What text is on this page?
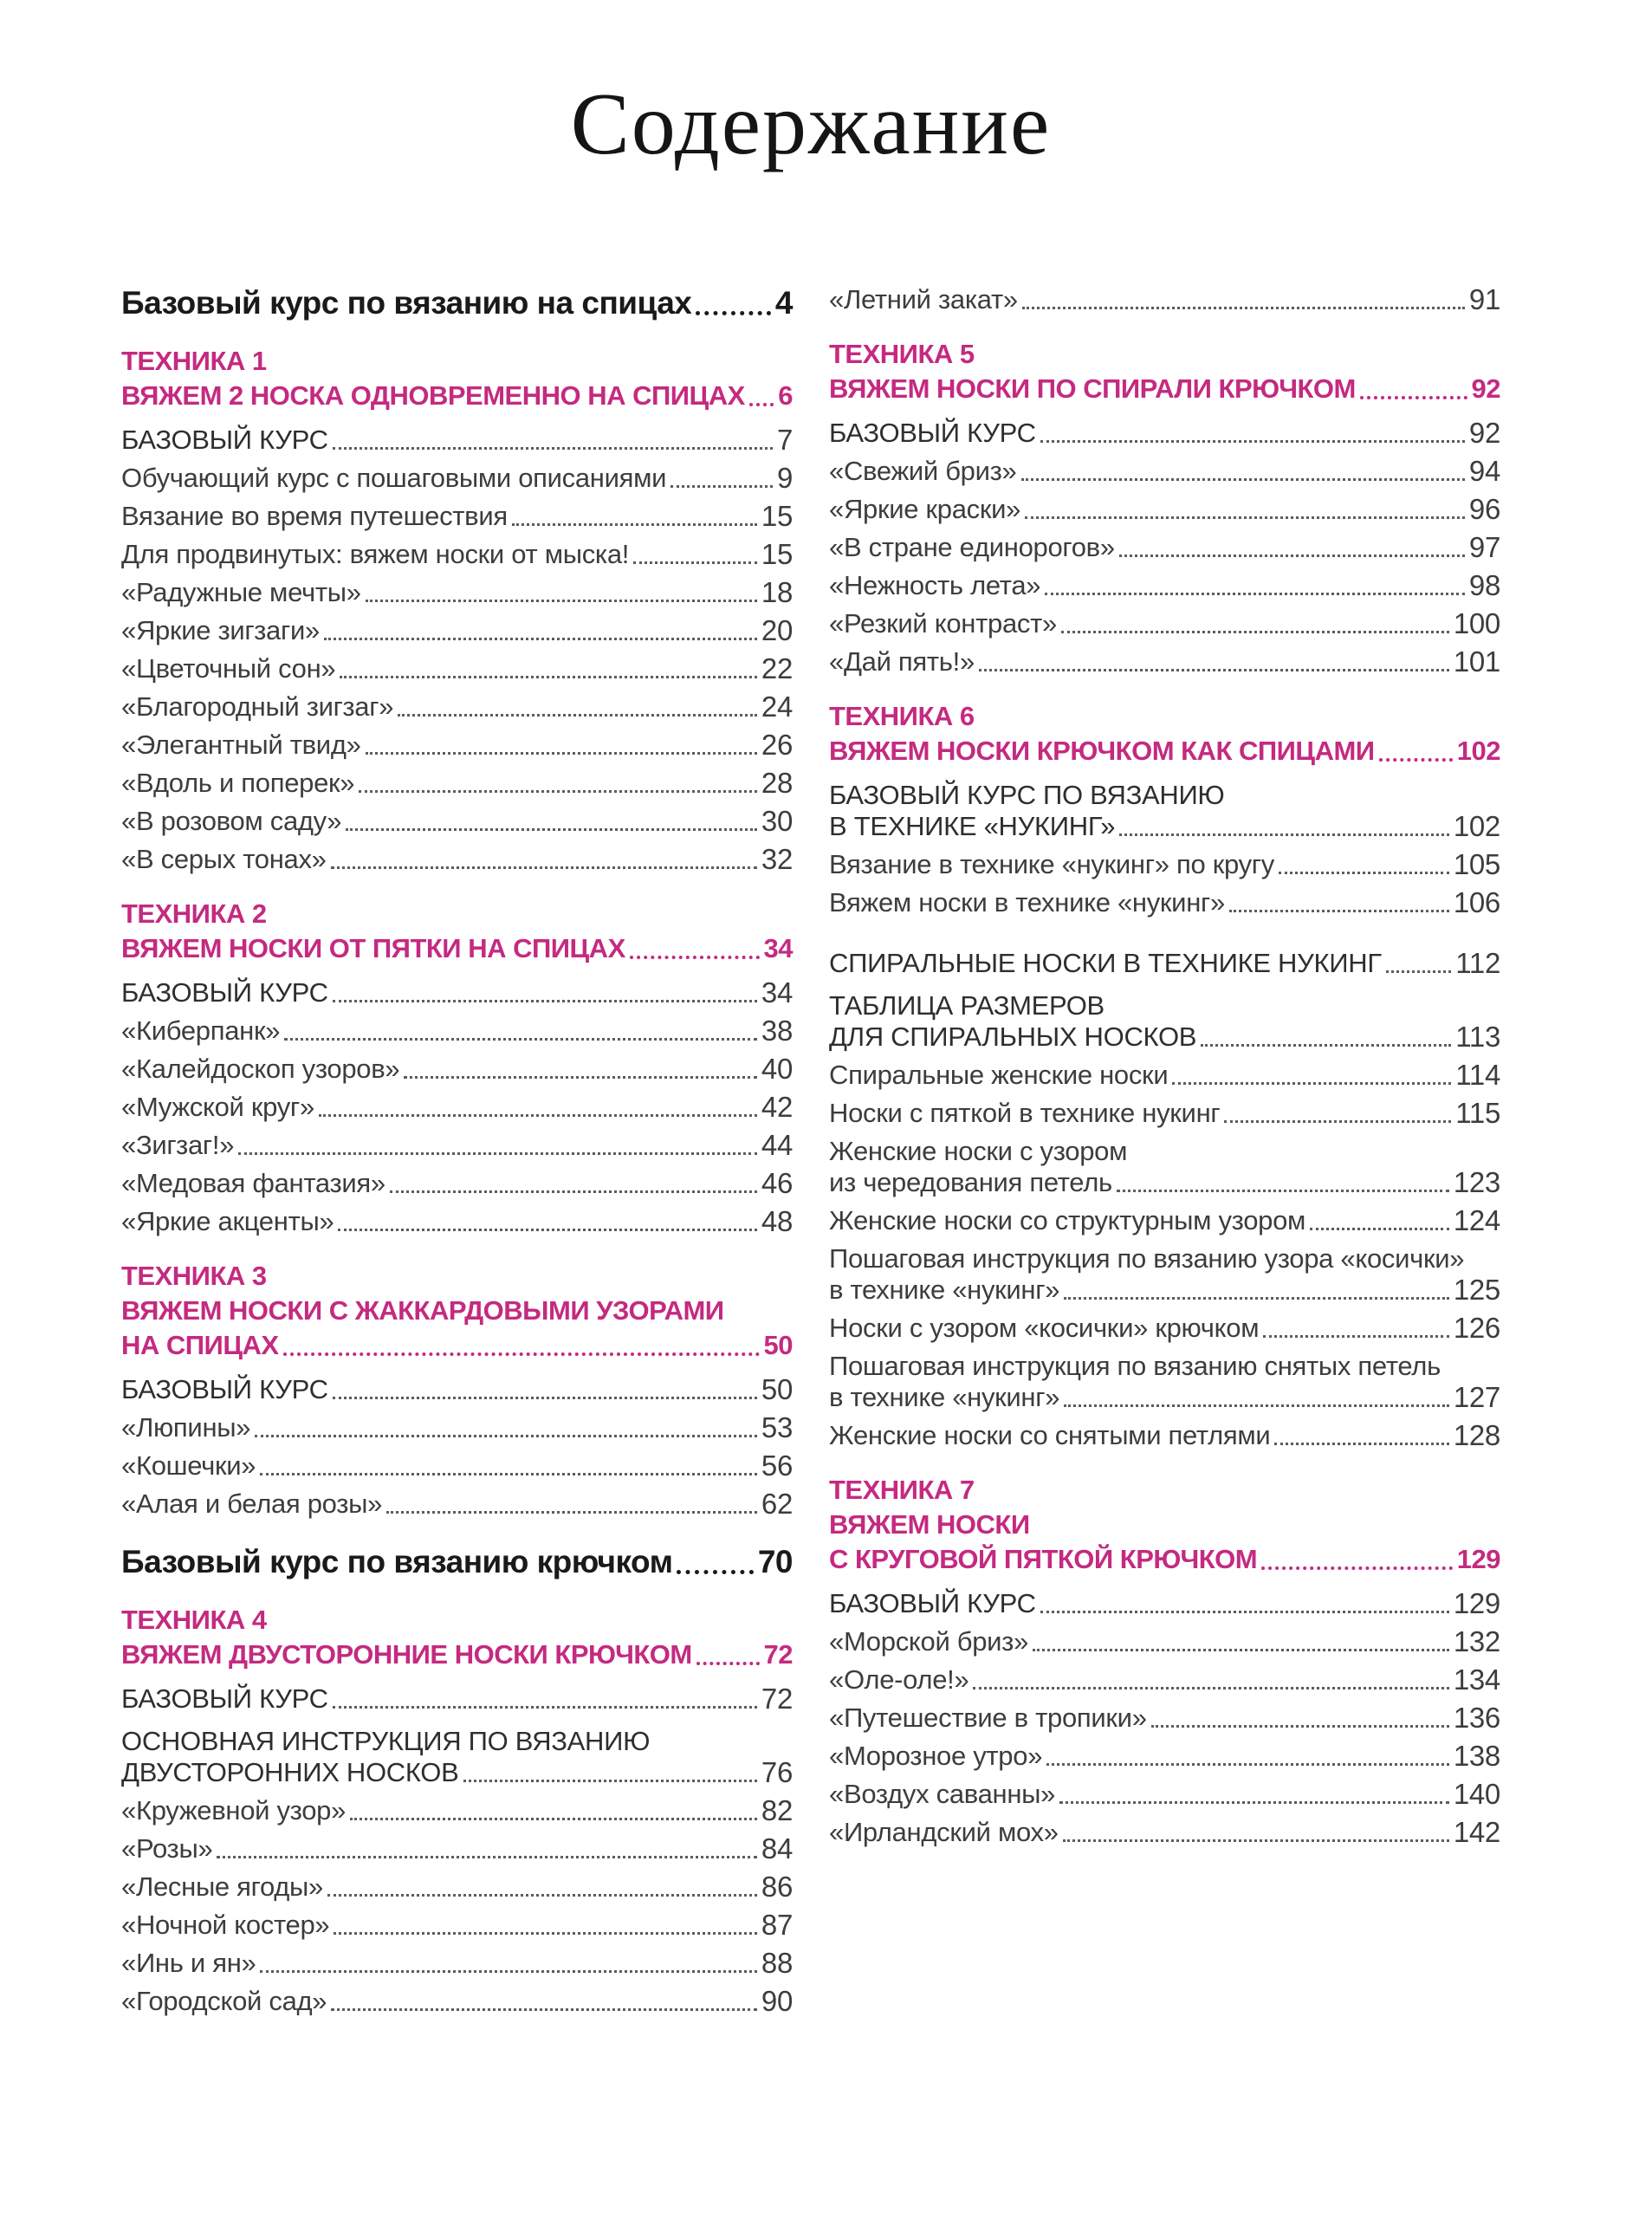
Содержание
Базовый курс по вязанию на спицах	4
ТЕХНИКА 1
ВЯЖЕМ 2 НОСКА ОДНОВРЕМЕННО НА СПИЦАХ 6
БАЗОВЫЙ КУРС	7
Обучающий курс с пошаговыми описаниями	9
Вязание во время путешествия	15
Для продвинутых: вяжем носки от мыска!	15
«Радужные мечты»	18
«Яркие зигзаги»	20
«Цветочный сон»	22
«Благородный зигзаг»	24
«Элегантный твид»	26
«Вдоль и поперек»	28
«В розовом саду»	30
«В серых тонах»	32
ТЕХНИКА 2
ВЯЖЕМ НОСКИ ОТ ПЯТКИ НА СПИЦАХ	34
БАЗОВЫЙ КУРС	34
«Киберпанк»	38
«Калейдоскоп узоров»	40
«Мужской круг»	42
«Зигзаг!»	44
«Медовая фантазия»	46
«Яркие акценты»	48
ТЕХНИКА 3
ВЯЖЕМ НОСКИ С ЖАККАРДОВЫМИ УЗОРАМИ
НА СПИЦАХ	50
БАЗОВЫЙ КУРС	50
«Люпины»	53
«Кошечки»	56
«Алая и белая розы»	62
Базовый курс по вязанию крючком	70
ТЕХНИКА 4
ВЯЖЕМ ДВУСТОРОННИЕ НОСКИ КРЮЧКОМ	72
БАЗОВЫЙ КУРС	72
ОСНОВНАЯ ИНСТРУКЦИЯ ПО ВЯЗАНИЮ
ДВУСТОРОННИХ НОСКОВ	76
«Кружевной узор»	82
«Розы»	84
«Лесные ягоды»	86
«Ночной костер»	87
«Инь и ян»	88
«Городской сад»	90
«Летний закат»	91
ТЕХНИКА 5
ВЯЖЕМ НОСКИ ПО СПИРАЛИ КРЮЧКОМ	92
БАЗОВЫЙ КУРС	92
«Свежий бриз»	94
«Яркие краски»	96
«В стране единорогов»	97
«Нежность лета»	98
«Резкий контраст»	100
«Дай пять!»	101
ТЕХНИКА 6
ВЯЖЕМ НОСКИ КРЮЧКОМ КАК СПИЦАМИ	102
БАЗОВЫЙ КУРС ПО ВЯЗАНИЮ
В ТЕХНИКЕ «НУКИНГ»	102
Вязание в технике «нукинг» по кругу	105
Вяжем носки в технике «нукинг»	106
СПИРАЛЬНЫЕ НОСКИ В ТЕХНИКЕ НУКИНГ	112
ТАБЛИЦА РАЗМЕРОВ
ДЛЯ СПИРАЛЬНЫХ НОСКОВ	113
Спиральные женские носки	114
Носки с пяткой в технике нукинг	115
Женские носки с узором
из чередования петель	123
Женские носки со структурным узором	124
Пошаговая инструкция по вязанию узора «косички»
в технике «нукинг»	125
Носки с узором «косички» крючком	126
Пошаговая инструкция по вязанию снятых петель
в технике «нукинг»	127
Женские носки со снятыми петлями	128
ТЕХНИКА 7
ВЯЖЕМ НОСКИ
С КРУГОВОЙ ПЯТКОЙ КРЮЧКОМ	129
БАЗОВЫЙ КУРС	129
«Морской бриз»	132
«Оле-оле!»	134
«Путешествие в тропики»	136
«Морозное утро»	138
«Воздух саванны»	140
«Ирландский мох»	142
